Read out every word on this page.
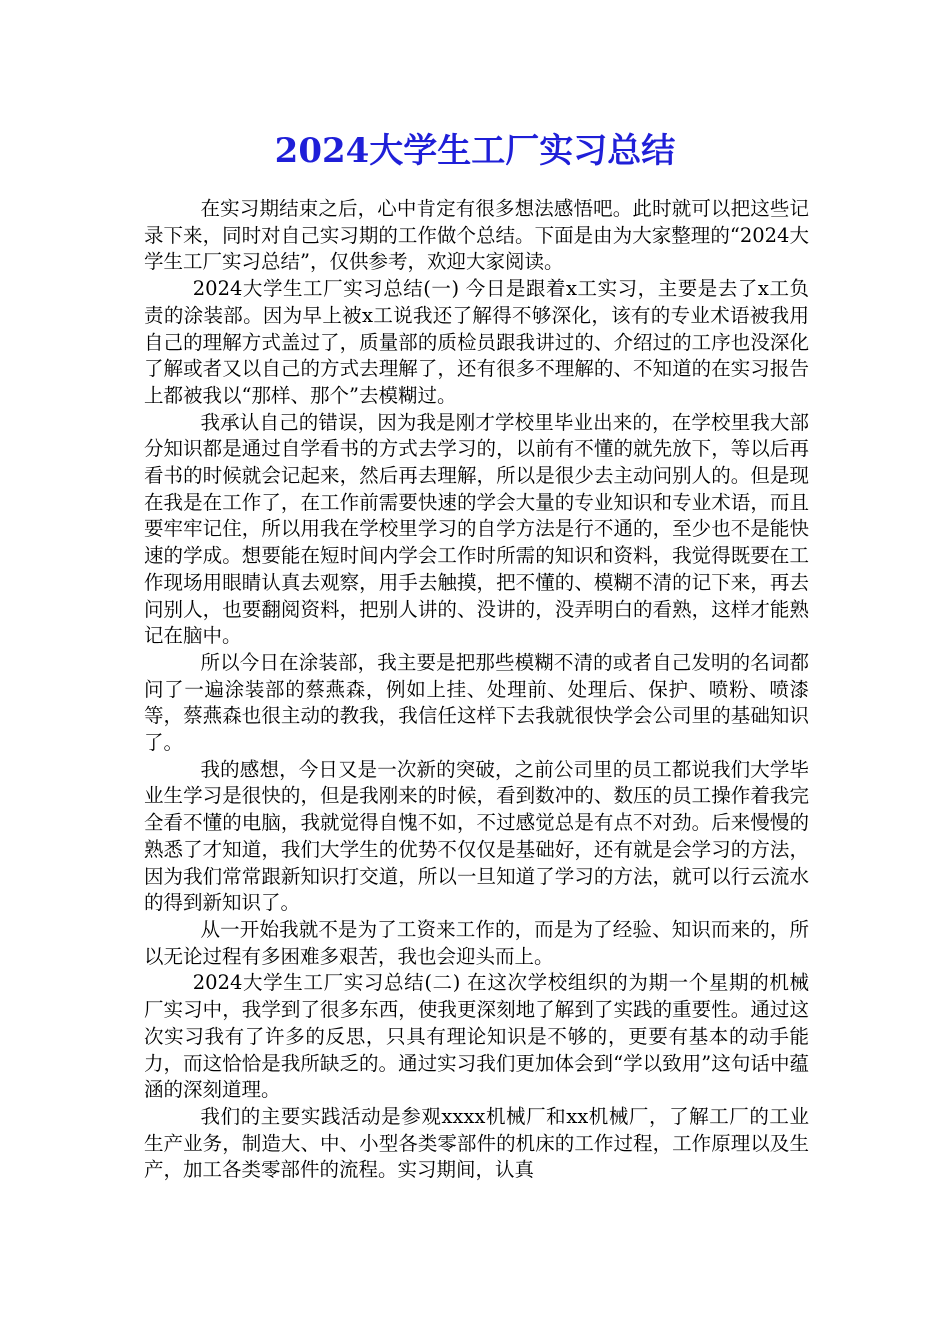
2024大学生工厂实习总结

在实习期结束之后，心中肯定有很多想法感悟吧。此时就可以把这些记录下来，同时对自己实习期的工作做个总结。下面是由为大家整理的“2024大学生工厂实习总结”，仅供参考，欢迎大家阅读。

2024大学生工厂实习总结(一) 今日是跟着x工实习，主要是去了x工负责的涂装部。因为早上被x工说我还了解得不够深化，该有的专业术语被我用自己的理解方式盖过了，质量部的质检员跟我讲过的、介绍过的工序也没深化了解或者又以自己的方式去理解了，还有很多不理解的、不知道的在实习报告上都被我以“那样、那个”去模糊过。

我承认自己的错误，因为我是刚才学校里毕业出来的，在学校里我大部分知识都是通过自学看书的方式去学习的，以前有不懂的就先放下，等以后再看书的时候就会记起来，然后再去理解，所以是很少去主动问别人的。但是现在我是在工作了，在工作前需要快速的学会大量的专业知识和专业术语，而且要牢牢记住，所以用我在学校里学习的自学方法是行不通的，至少也不是能快速的学成。想要能在短时间内学会工作时所需的知识和资料，我觉得既要在工作现场用眼睛认真去观察，用手去触摸，把不懂的、模糊不清的记下来，再去问别人，也要翻阅资料，把别人讲的、没讲的，没弄明白的看熟，这样才能熟记在脑中。

所以今日在涂装部，我主要是把那些模糊不清的或者自己发明的名词都问了一遍涂装部的蔡燕森，例如上挂、处理前、处理后、保护、喷粉、喷漆等，蔡燕森也很主动的教我，我信任这样下去我就很快学会公司里的基础知识了。

我的感想，今日又是一次新的突破，之前公司里的员工都说我们大学毕业生学习是很快的，但是我刚来的时候，看到数冲的、数压的员工操作着我完全看不懂的电脑，我就觉得自愧不如，不过感觉总是有点不对劲。后来慢慢的熟悉了才知道，我们大学生的优势不仅仅是基础好，还有就是会学习的方法，因为我们常常跟新知识打交道，所以一旦知道了学习的方法，就可以行云流水的得到新知识了。

从一开始我就不是为了工资来工作的，而是为了经验、知识而来的，所以无论过程有多困难多艰苦，我也会迎头而上。

2024大学生工厂实习总结(二) 在这次学校组织的为期一个星期的机械厂实习中，我学到了很多东西，使我更深刻地了解到了实践的重要性。通过这次实习我有了许多的反思，只具有理论知识是不够的，更要有基本的动手能力，而这恰恰是我所缺乏的。通过实习我们更加体会到“学以致用”这句话中蕴涵的深刻道理。

我们的主要实践活动是参观xxxx机械厂和xx机械厂，了解工厂的工业生产业务，制造大、中、小型各类零部件的机床的工作过程，工作原理以及生产，加工各类零部件的流程。实习期间，认真
